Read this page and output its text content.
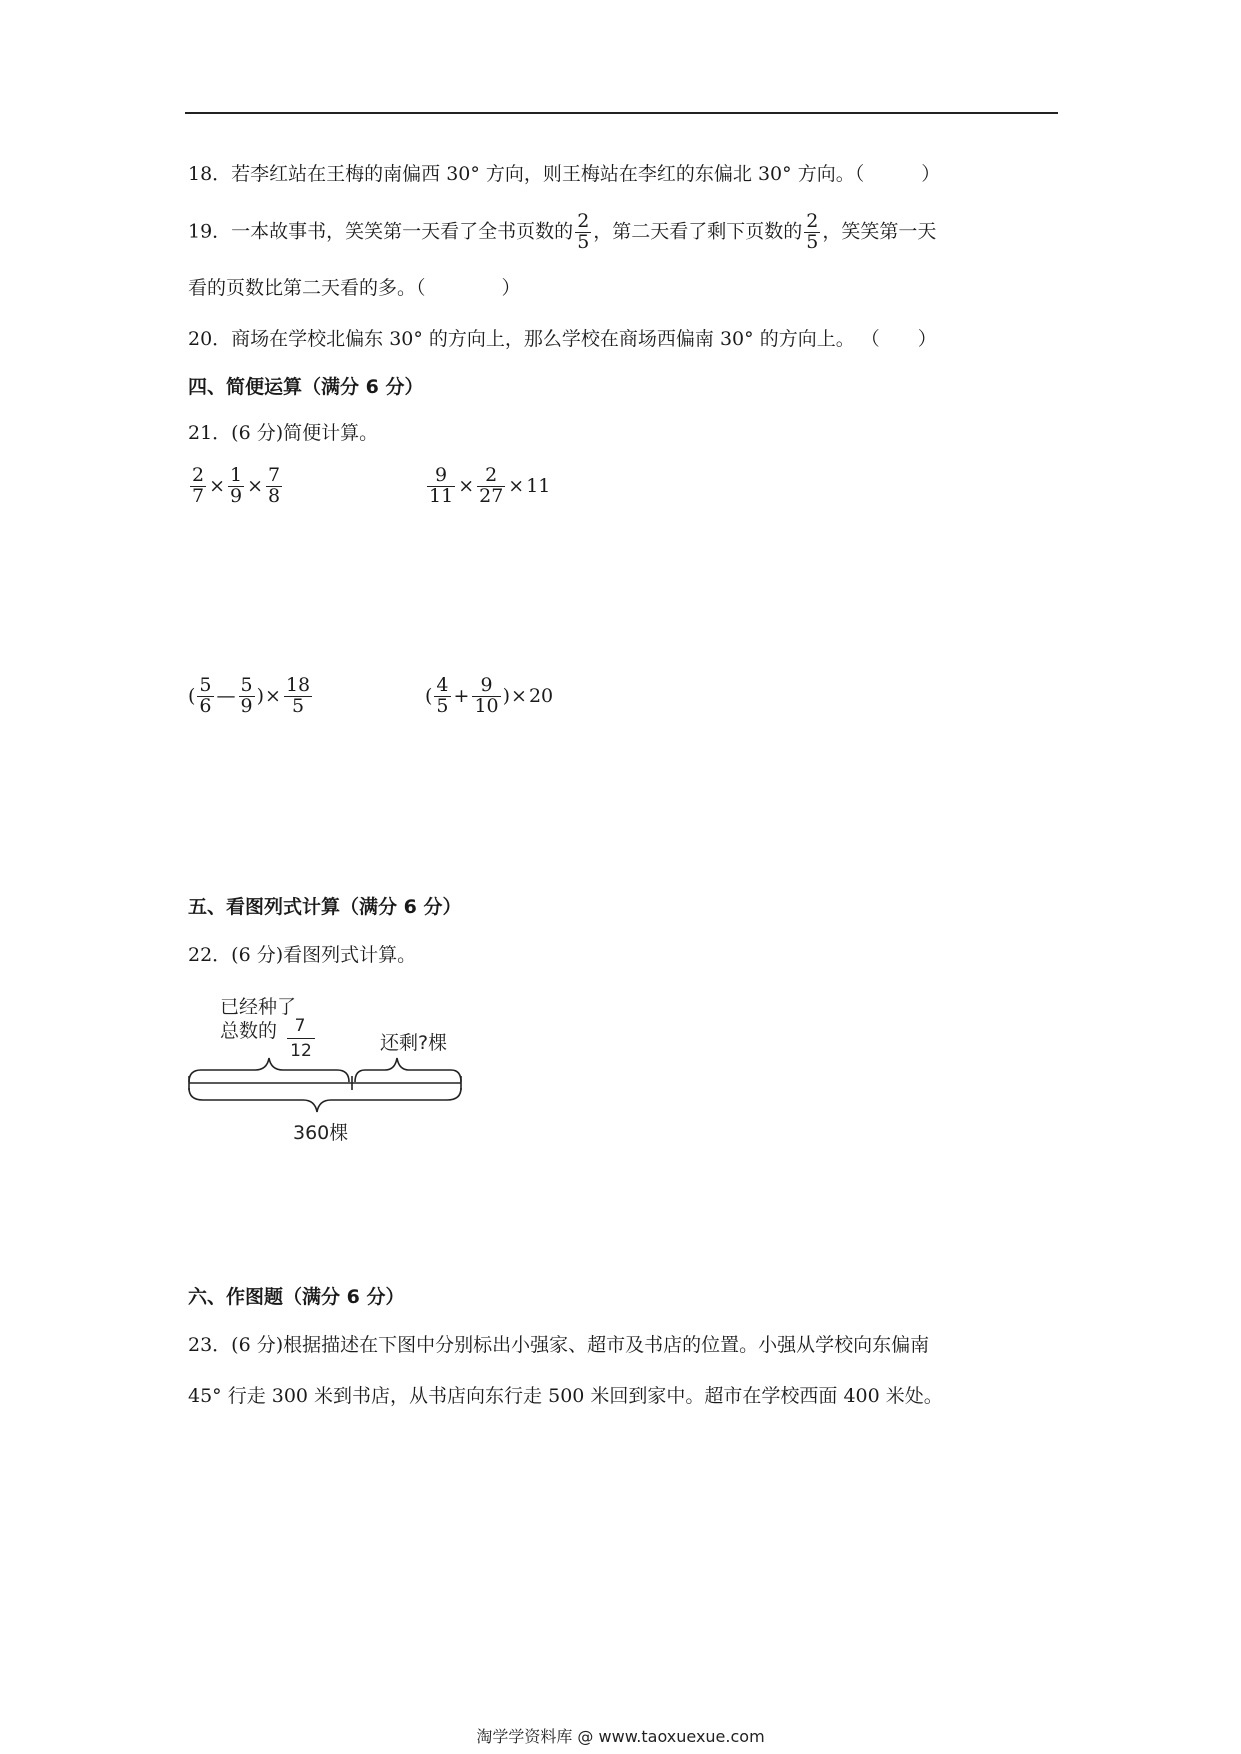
18．若李红站在王梅的南偏西 30° 方向，则王梅站在李红的东偏北 30° 方向。（　　　）
19．一本故事书，笑笑第一天看了全书页数的 $\frac{2}{5}$ ，第二天看了剩下页数的 $\frac{2}{5}$ ，笑笑第一天
看的页数比第二天看的多。（　　　　）
20．商场在学校北偏东 30° 的方向上，那么学校在商场西偏南 30° 的方向上。 （　　）
四、简便运算（满分 6 分）
21．(6 分)简便计算。
$\frac{2}{7} \times \frac{1}{9} \times \frac{7}{8}$	$\frac{9}{11} \times \frac{2}{27} \times 11$
( $\frac{5}{6}$ — $\frac{5}{9}$ )× $\frac{18}{5}$	( $\frac{4}{5} + \frac{9}{10}$ )× 20
五、看图列式计算（满分 6 分）
22．(6 分)看图列式计算。
已经种了
总数的	7
12	还剩?棵
360棵
六、作图题（满分 6 分）
23．(6 分)根据描述在下图中分别标出小强家、超市及书店的位置。小强从学校向东偏南
45° 行走 300 米到书店，从书店向东行走 500 米回到家中。超市在学校西面 400 米处。
淘学学资料库 @ www.taoxuexue.com
